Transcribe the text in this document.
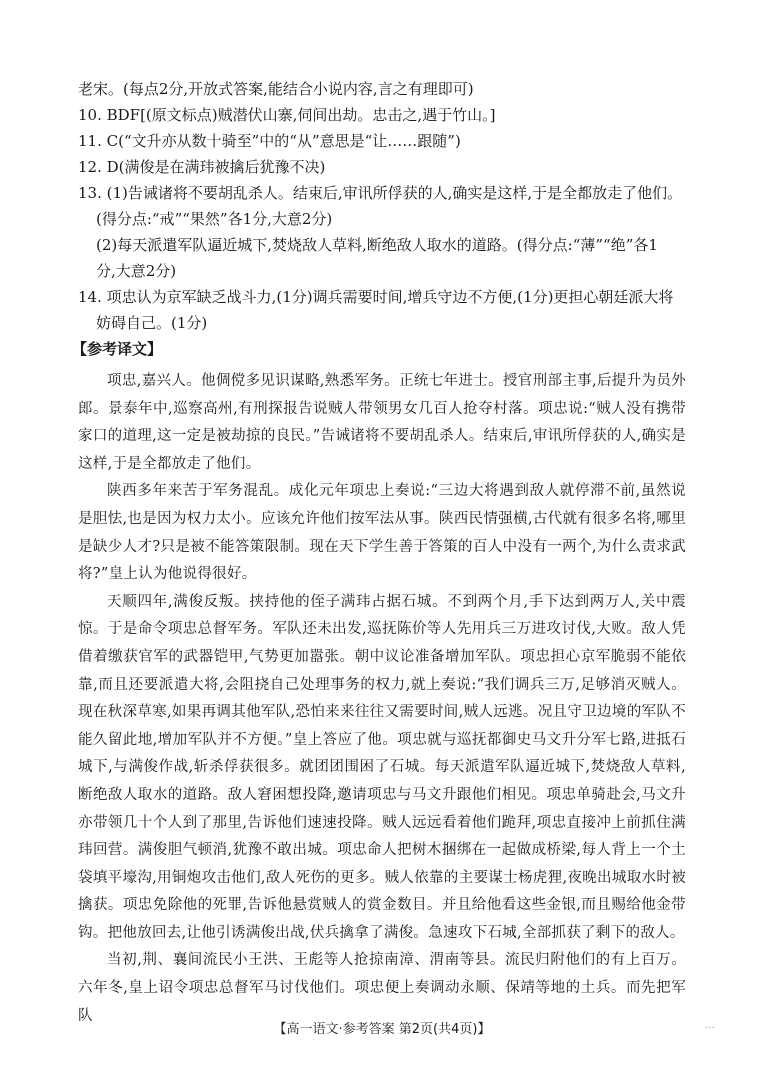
老宋。(每点2分,开放式答案,能结合小说内容,言之有理即可)
10. BDF[(原文标点)贼潜伏山寨,伺间出劫。忠击之,遇于竹山。]
11. C(“文升亦从数十骑至”中的“从”意思是“让……跟随”)
12. D(满俊是在满玮被擒后犹豫不决)
13. (1)告诫诸将不要胡乱杀人。结束后,审讯所俘获的人,确实是这样,于是全都放走了他们。
(得分点:“戒”“果然”各1分,大意2分)
(2)每天派遣军队逼近城下,焚烧敌人草料,断绝敌人取水的道路。(得分点:“薄”“绝”各1
分,大意2分)
14. 项忠认为京军缺乏战斗力,(1分)调兵需要时间,增兵守边不方便,(1分)更担心朝廷派大将
妨碍自己。(1分)
【参考译文】

项忠,嘉兴人。他倜傥多见识谋略,熟悉军务。正统七年进士。授官刑部主事,后提升为员外郎。景泰年中,巡察高州,有刑探报告说贼人带领男女几百人抢夺村落。项忠说:“贼人没有携带家口的道理,这一定是被劫掠的良民。”告诫诸将不要胡乱杀人。结束后,审讯所俘获的人,确实是这样,于是全都放走了他们。

陕西多年来苦于军务混乱。成化元年项忠上奏说:“三边大将遇到敌人就停滞不前,虽然说是胆怯,也是因为权力太小。应该允许他们按军法从事。陕西民情强横,古代就有很多名将,哪里是缺少人才?只是被不能答策限制。现在天下学生善于答策的百人中没有一两个,为什么责求武将?”皇上认为他说得很好。

天顺四年,满俊反叛。挟持他的侄子满玮占据石城。不到两个月,手下达到两万人,关中震惊。于是命令项忠总督军务。军队还未出发,巡抚陈价等人先用兵三万进攻讨伐,大败。敌人凭借着缴获官军的武器铠甲,气势更加嚣张。朝中议论准备增加军队。项忠担心京军脆弱不能依靠,而且还要派遣大将,会阻挠自己处理事务的权力,就上奏说:“我们调兵三万,足够消灭贼人。现在秋深草寒,如果再调其他军队,恐怕来来往往又需要时间,贼人远逃。况且守卫边境的军队不能久留此地,增加军队并不方便。”皇上答应了他。项忠就与巡抚都御史马文升分军七路,进抵石城下,与满俊作战,斩杀俘获很多。就团团围困了石城。每天派遣军队逼近城下,焚烧敌人草料,断绝敌人取水的道路。敌人窘困想投降,邀请项忠与马文升跟他们相见。项忠单骑赴会,马文升亦带领几十个人到了那里,告诉他们速速投降。贼人远远看着他们跪拜,项忠直接冲上前抓住满玮回营。满俊胆气顿消,犹豫不敢出城。项忠命人把树木捆绑在一起做成桥梁,每人背上一个土袋填平壕沟,用铜炮攻击他们,敌人死伤的更多。贼人依靠的主要谋士杨虎狸,夜晚出城取水时被擒获。项忠免除他的死罪,告诉他悬赏贼人的赏金数目。并且给他看这些金银,而且赐给他金带钩。把他放回去,让他引诱满俊出战,伏兵擒拿了满俊。急速攻下石城,全部抓获了剩下的敌人。

当初,荆、襄间流民小王洪、王彪等人抢掠南漳、渭南等县。流民归附他们的有上百万。六年冬,皇上诏令项忠总督军马讨伐他们。项忠便上奏调动永顺、保靖等地的土兵。而先把军队

【高一语文·参考答案 第2页(共4页)】	…
